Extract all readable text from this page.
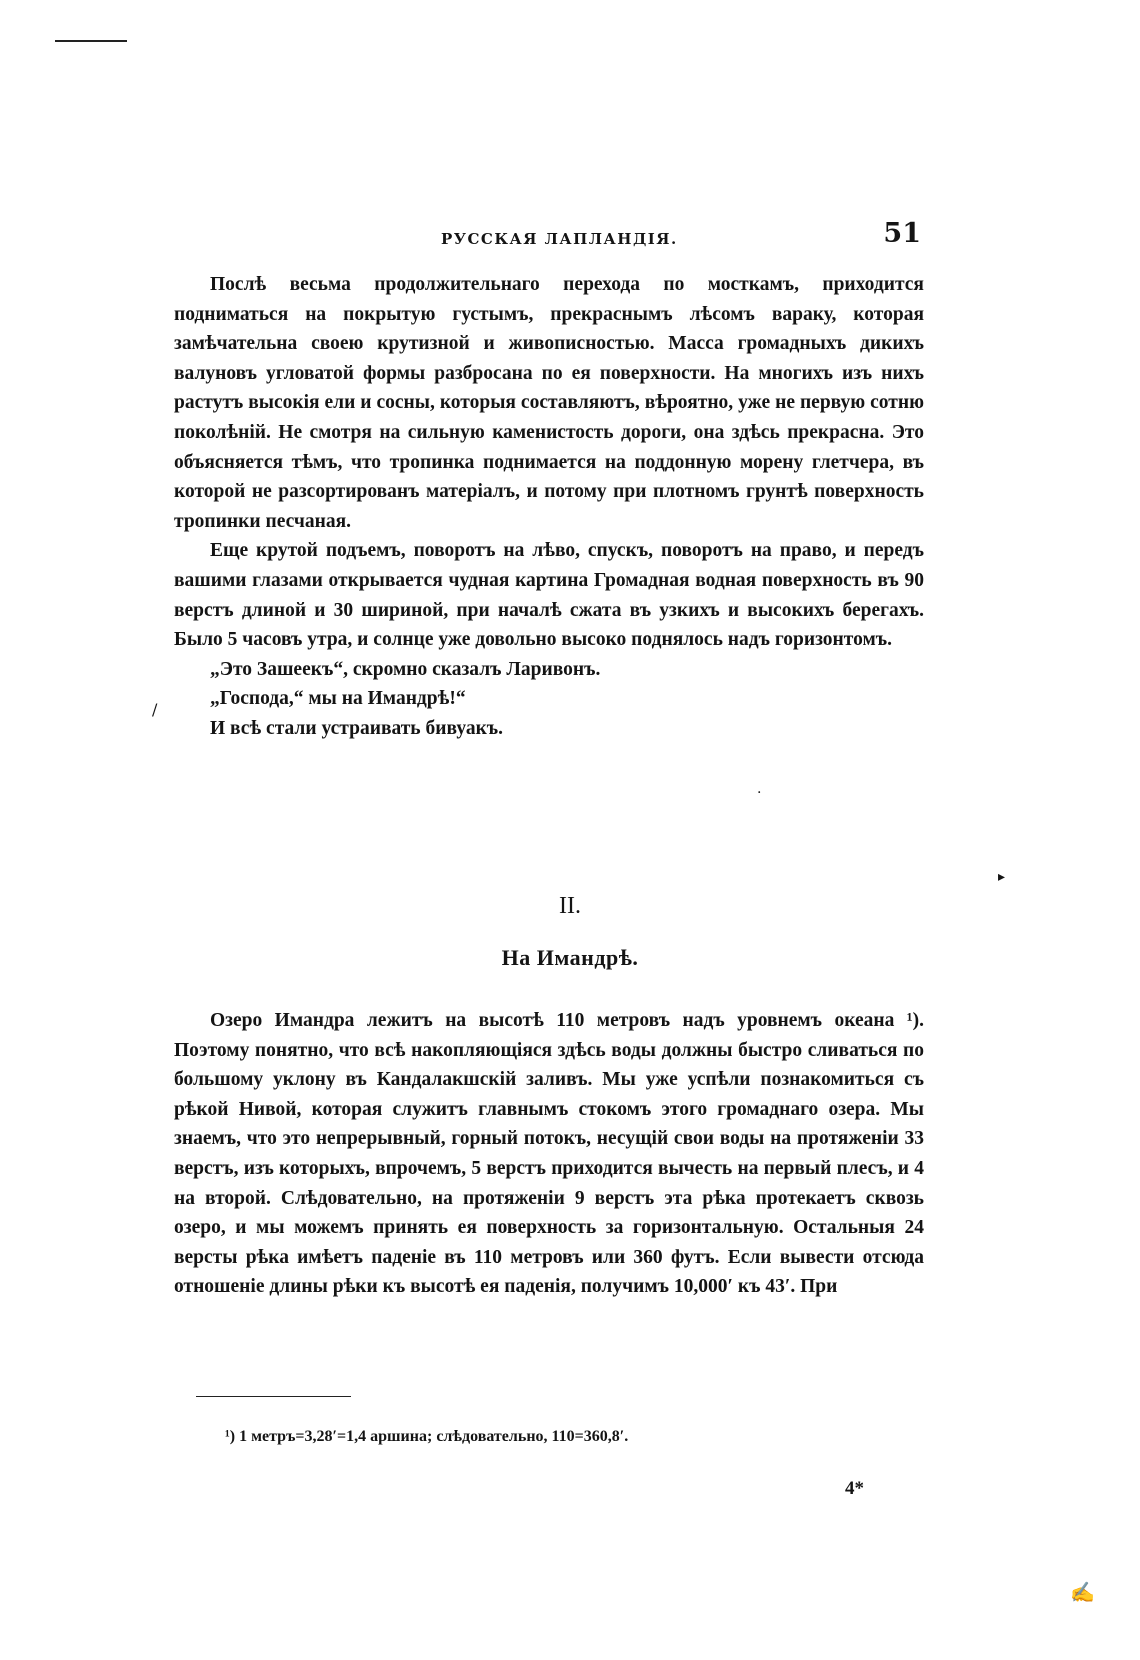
РУССКАЯ ЛАПЛАНДІЯ.	51

Послѣ весьма продолжительнаго перехода по мосткамъ, приходится подниматься на покрытую густымъ, прекраснымъ лѣсомъ вараку, которая замѣчательна своею крутизной и живописностью. Масса громадныхъ дикихъ валуновъ угловатой формы разбросана по ея поверхности. На многихъ изъ нихъ растутъ высокія ели и сосны, которыя составляютъ, вѣроятно, уже не первую сотню поколѣній. Не смотря на сильную каменистость дороги, она здѣсь прекрасна. Это объясняется тѣмъ, что тропинка поднимается на поддонную морену глетчера, въ которой не разсортированъ матеріалъ, и потому при плотномъ грунтѣ поверхность тропинки песчаная.

Еще крутой подъемъ, поворотъ на лѣво, спускъ, поворотъ на право, и передъ вашими глазами открывается чудная картина Громадная водная поверхность въ 90 верстъ длиной и 30 шириной, при началѣ сжата въ узкихъ и высокихъ берегахъ. Было 5 часовъ утра, и солнце уже довольно высоко поднялось надъ горизонтомъ.

„Это Зашеекъ“, скромно сказалъ Ларивонъ.

„Господа,“ мы на Имандрѣ!“

И всѣ стали устраивать бивуакъ.

II.
На Имандрѣ.

Озеро Имандра лежитъ на высотѣ 110 метровъ надъ уровнемъ океана ¹). Поэтому понятно, что всѣ накопляющіяся здѣсь воды должны быстро сливаться по большому уклону въ Кандалакшскій заливъ. Мы уже успѣли познакомиться съ рѣкой Нивой, которая служитъ главнымъ стокомъ этого громаднаго озера. Мы знаемъ, что это непрерывный, горный потокъ, несущій свои воды на протяженіи 33 верстъ, изъ которыхъ, впрочемъ, 5 верстъ приходится вычесть на первый плесъ, и 4 на второй. Слѣдовательно, на протяженіи 9 верстъ эта рѣка протекаетъ сквозь озеро, и мы можемъ принять ея поверхность за горизонтальную. Остальныя 24 версты рѣка имѣетъ паденіе въ 110 метровъ или 360 футъ. Если вывести отсюда отношеніе длины рѣки къ высотѣ ея паденія, получимъ 10,000′ къ 43′. При

¹) 1 метръ=3,28′=1,4 аршина; слѣдовательно, 110=360,8′.
4*
/
.
▸
✍
